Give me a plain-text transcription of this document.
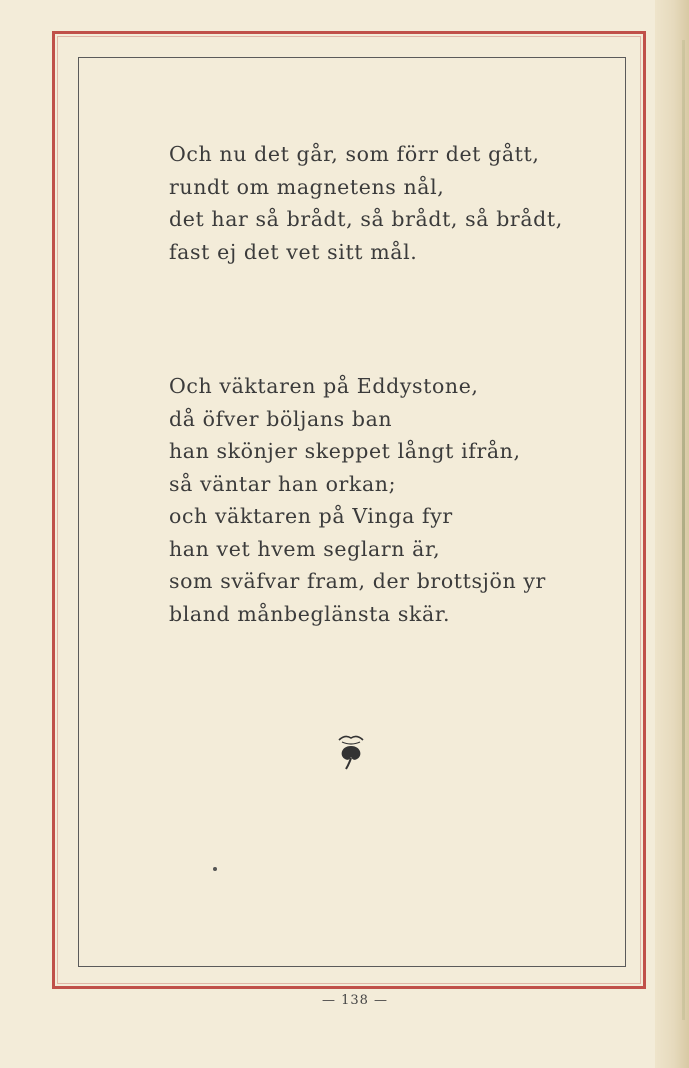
Och nu det går, som förr det gått,
rundt om magnetens nål,
det har så brådt, så brådt, så brådt,
fast ej det vet sitt mål.
Och väktaren på Eddystone,
då öfver böljans ban
han skönjer skeppet långt ifrån,
så väntar han orkan;
och väktaren på Vinga fyr
han vet hvem seglarn är,
som sväfvar fram, der brottsjön yr
bland månbeglänsta skär.
— 138 —
